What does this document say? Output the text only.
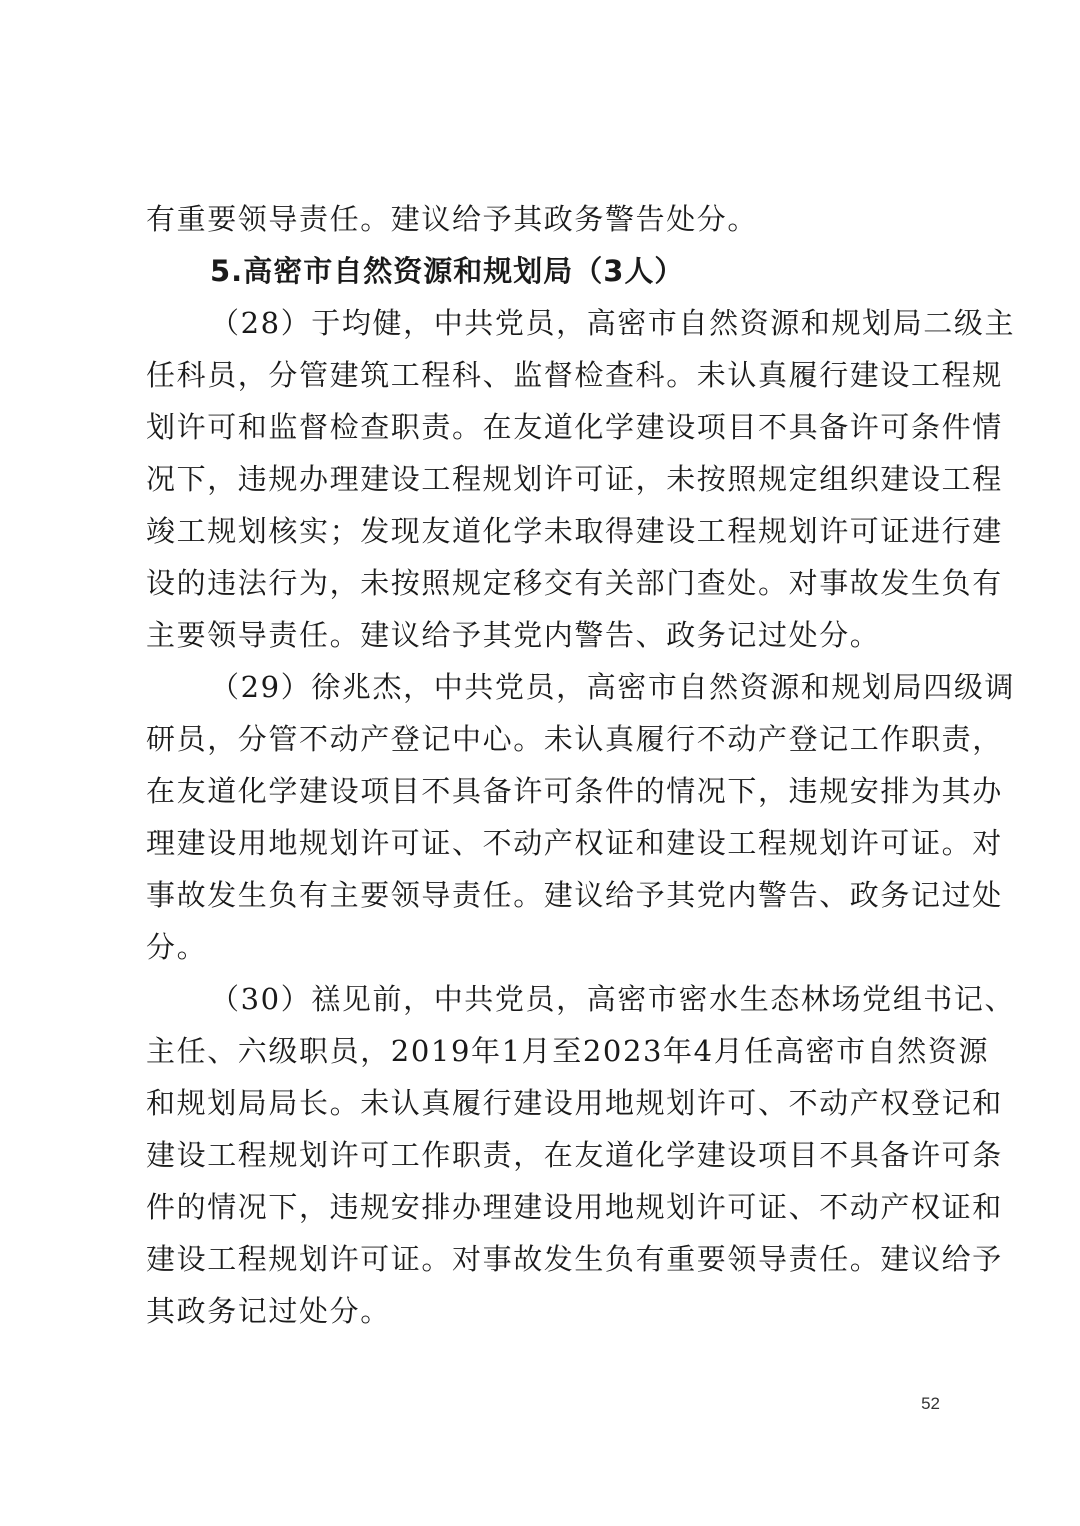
有重要领导责任。建议给予其政务警告处分。
5.高密市自然资源和规划局（3人）
（28）于均健，中共党员，高密市自然资源和规划局二级主
任科员，分管建筑工程科、监督检查科。未认真履行建设工程规
划许可和监督检查职责。在友道化学建设项目不具备许可条件情
况下，违规办理建设工程规划许可证，未按照规定组织建设工程
竣工规划核实；发现友道化学未取得建设工程规划许可证进行建
设的违法行为，未按照规定移交有关部门查处。对事故发生负有
主要领导责任。建议给予其党内警告、政务记过处分。
（29）徐兆杰，中共党员，高密市自然资源和规划局四级调
研员，分管不动产登记中心。未认真履行不动产登记工作职责，
在友道化学建设项目不具备许可条件的情况下，违规安排为其办
理建设用地规划许可证、不动产权证和建设工程规划许可证。对
事故发生负有主要领导责任。建议给予其党内警告、政务记过处
分。
（30）禚见前，中共党员，高密市密水生态林场党组书记、
主任、六级职员，2019年1月至2023年4月任高密市自然资源
和规划局局长。未认真履行建设用地规划许可、不动产权登记和
建设工程规划许可工作职责，在友道化学建设项目不具备许可条
件的情况下，违规安排办理建设用地规划许可证、不动产权证和
建设工程规划许可证。对事故发生负有重要领导责任。建议给予
其政务记过处分。
52
